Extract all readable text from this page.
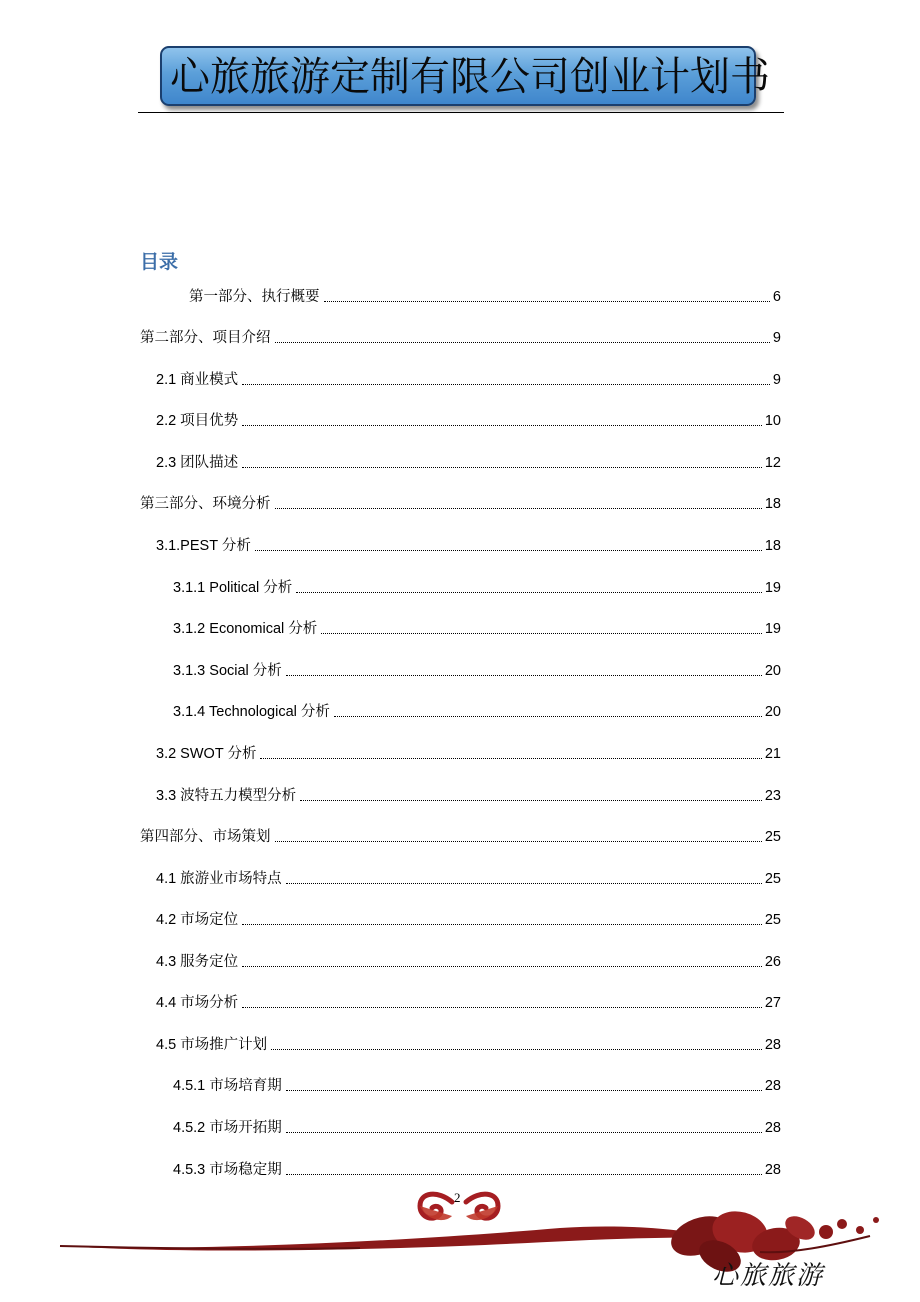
心旅旅游定制有限公司创业计划书
目录
第一部分、执行概要	6
第二部分、项目介绍	9
2.1 商业模式	9
2.2 项目优势	10
2.3 团队描述	12
第三部分、环境分析	18
3.1.PEST 分析	18
3.1.1 Political 分析	19
3.1.2 Economical 分析	19
3.1.3 Social 分析	20
3.1.4 Technological 分析	20
3.2 SWOT 分析	21
3.3 波特五力模型分析	23
第四部分、市场策划	25
4.1 旅游业市场特点	25
4.2 市场定位	25
4.3 服务定位	26
4.4 市场分析	27
4.5 市场推广计划	28
4.5.1 市场培育期	28
4.5.2 市场开拓期	28
4.5.3 市场稳定期	28
2
心旅旅游
